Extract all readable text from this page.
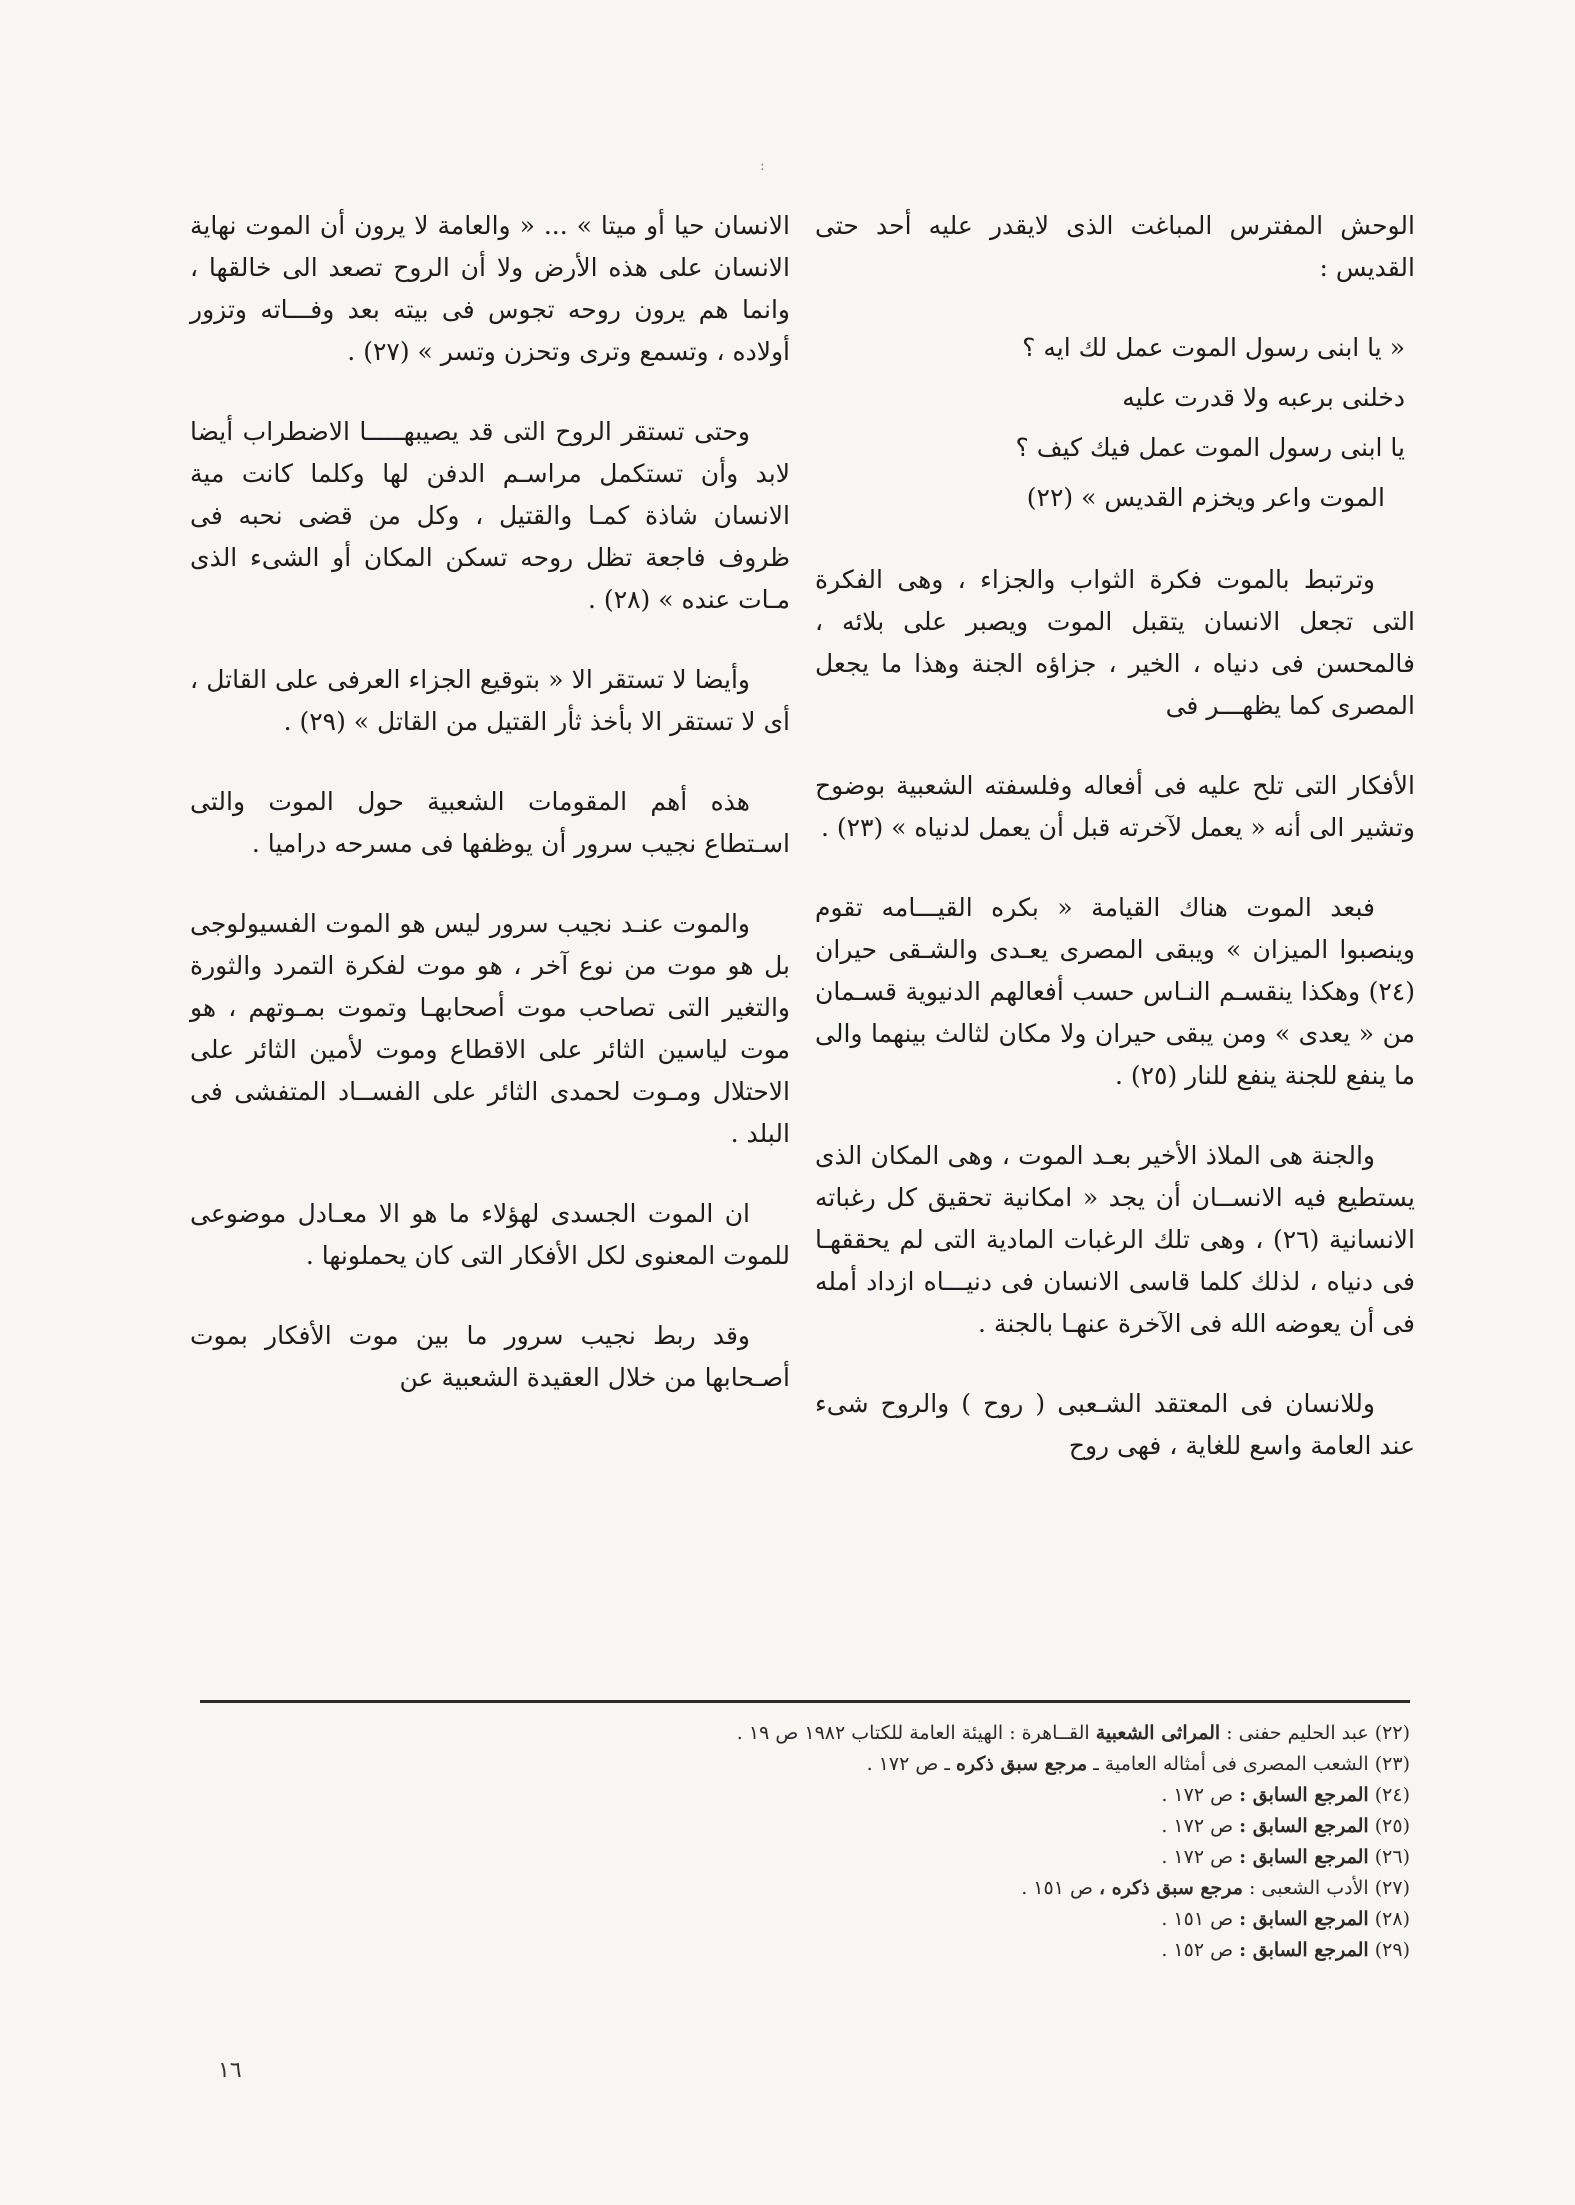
:

الوحش المفترس المباغت الذى لايقدر عليه أحد حتى القديس :

« يا ابنى رسول الموت عمل لك ايه ؟

دخلنى برعبه ولا قدرت عليه

يا ابنى رسول الموت عمل فيك كيف ؟

الموت واعر ويخزم القديس » (٢٢)

وترتبط بالموت فكرة الثواب والجزاء ، وهى الفكرة التى تجعل الانسان يتقبل الموت ويصبر على بلائه ، فالمحسن فى دنياه ، الخير ، جزاؤه الجنة وهذا ما يجعل المصرى كما يظهـــر فى

الأفكار التى تلح عليه فى أفعاله وفلسفته الشعبية بوضوح وتشير الى أنه « يعمل لآخرته قبل أن يعمل لدنياه » (٢٣) .

فبعد الموت هناك القيامة « بكره القيـــامه تقوم وينصبوا الميزان » ويبقى المصرى يعـدى والشـقى حيران (٢٤) وهكذا ينقسـم النـاس حسب أفعالهم الدنيوية قسـمان من « يعدى » ومن يبقى حيران ولا مكان لثالث بينهما والى ما ينفع للجنة ينفع للنار (٢٥) .

والجنة هى الملاذ الأخير بعـد الموت ، وهى المكان الذى يستطيع فيه الانســان أن يجد « امكانية تحقيق كل رغباته الانسانية (٢٦) ، وهى تلك الرغبات المادية التى لم يحققهـا فى دنياه ، لذلك كلما قاسى الانسان فى دنيـــاه ازداد أمله فى أن يعوضه الله فى الآخرة عنهـا بالجنة .

وللانسان فى المعتقد الشـعبى ( روح ) والروح شىء عند العامة واسع للغاية ، فهى روح

الانسان حيا أو ميتا » ... « والعامة لا يرون أن الموت نهاية الانسان على هذه الأرض ولا أن الروح تصعد الى خالقها ، وانما هم يرون روحه تجوس فى بيته بعد وفـــاته وتزور أولاده ، وتسمع وترى وتحزن وتسر » (٢٧) .

وحتى تستقر الروح التى قد يصيبهـــــا الاضطراب أيضا لابد وأن تستكمل مراسـم الدفن لها وكلما كانت مية الانسان شاذة كمـا والقتيل ، وكل من قضى نحبه فى ظروف فاجعة تظل روحه تسكن المكان أو الشىء الذى مـات عنده » (٢٨) .

وأيضا لا تستقر الا « بتوقيع الجزاء العرفى على القاتل ، أى لا تستقر الا بأخذ ثأر القتيل من القاتل » (٢٩) .

هذه أهم المقومات الشعبية حول الموت والتى اسـتطاع نجيب سرور أن يوظفها فى مسرحه دراميا .

والموت عنـد نجيب سرور ليس هو الموت الفسيولوجى بل هو موت من نوع آخر ، هو موت لفكرة التمرد والثورة والتغير التى تصاحب موت أصحابهـا وتموت بمـوتهم ، هو موت لياسين الثائر على الاقطاع وموت لأمين الثائر على الاحتلال ومـوت لحمدى الثائر على الفســاد المتفشى فى البلد .

ان الموت الجسدى لهؤلاء ما هو الا معـادل موضوعى للموت المعنوى لكل الأفكار التى كان يحملونها .

وقد ربط نجيب سرور ما بين موت الأفكار بموت أصـحابها من خلال العقيدة الشعبية عن

(٢٢) عبد الحليم حفنى : المراثى الشعبية القــاهرة : الهيئة العامة للكتاب ١٩٨٢ ص ١٩ .

(٢٣) الشعب المصرى فى أمثاله العامية ـ مرجع سبق ذكره ـ ص ١٧٢ .

(٢٤) المرجع السابق : ص ١٧٢ .

(٢٥) المرجع السابق : ص ١٧٢ .

(٢٦) المرجع السابق : ص ١٧٢ .

(٢٧) الأدب الشعبى : مرجع سبق ذكره ، ص ١٥١ .

(٢٨) المرجع السابق : ص ١٥١ .

(٢٩) المرجع السابق : ص ١٥٢ .

١٦
